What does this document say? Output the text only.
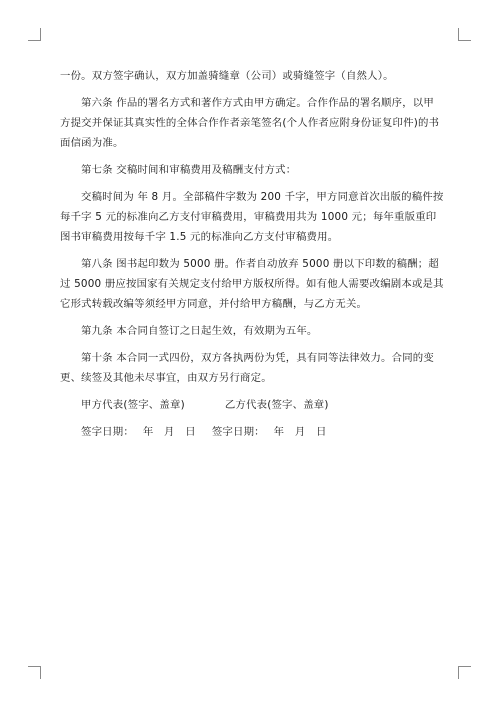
一份。双方签字确认，双方加盖骑缝章（公司）或骑缝签字（自然人）。

第六条 作品的署名方式和著作方式由甲方确定。合作作品的署名顺序，以甲方提交并保证其真实性的全体合作作者亲笔签名(个人作者应附身份证复印件)的书面信函为准。

第七条 交稿时间和审稿费用及稿酬支付方式：

交稿时间为 年 8 月。全部稿件字数为 200 千字，甲方同意首次出版的稿件按每千字 5 元的标准向乙方支付审稿费用，审稿费用共为 1000 元；每年重版重印图书审稿费用按每千字 1.5 元的标准向乙方支付审稿费用。

第八条 图书起印数为 5000 册。作者自动放弃 5000 册以下印数的稿酬；超过 5000 册应按国家有关规定支付给甲方版权所得。如有他人需要改编剧本或是其它形式转载改编等须经甲方同意，并付给甲方稿酬，与乙方无关。

第九条 本合同自签订之日起生效，有效期为五年。

第十条 本合同一式四份，双方各执两份为凭，具有同等法律效力。合同的变更、续签及其他未尽事宜，由双方另行商定。

甲方代表(签字、盖章)	乙方代表(签字、盖章)
签字日期：　 年　月　日 签字日期：　 年　月　日
